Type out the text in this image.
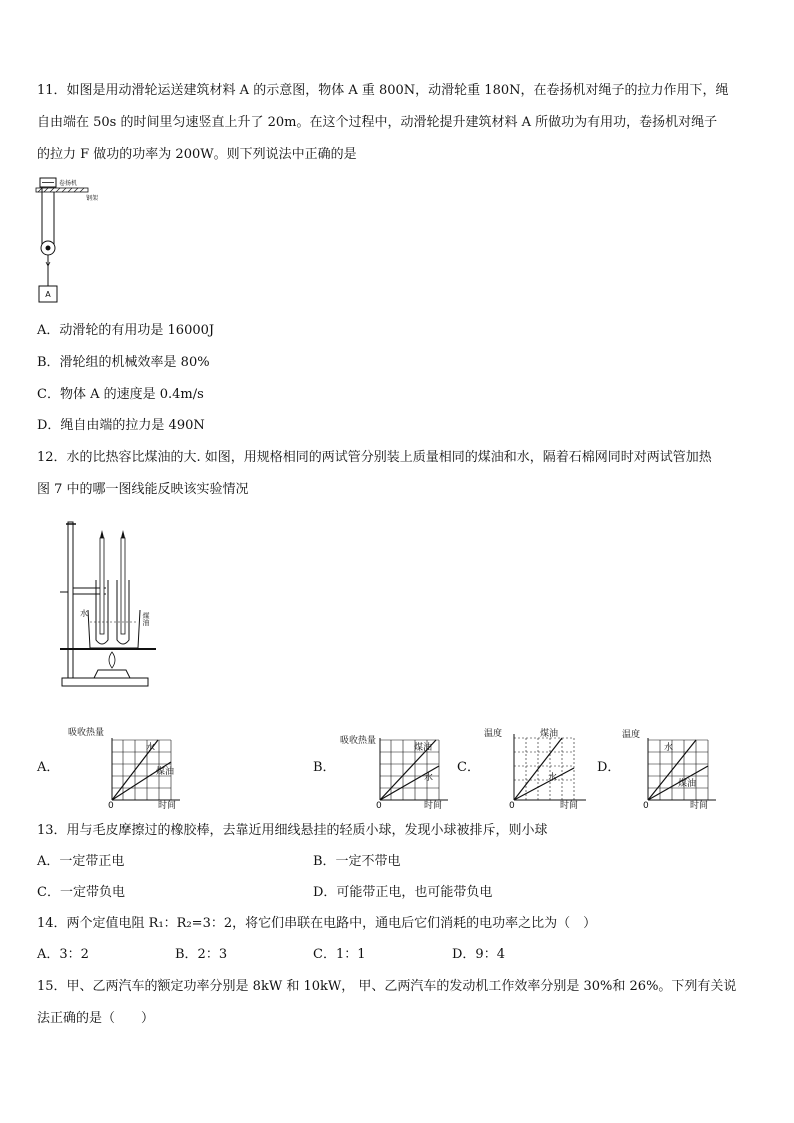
11．如图是用动滑轮运送建筑材料 A 的示意图，物体 A 重 800N，动滑轮重 180N，在卷扬机对绳子的拉力作用下，绳
自由端在 50s 的时间里匀速竖直上升了 20m。在这个过程中，动滑轮提升建筑材料 A 所做功为有用功，卷扬机对绳子
的拉力 F 做功的功率为 200W。则下列说法中正确的是
卷扬机
钢架
A
A．动滑轮的有用功是 16000J
B．滑轮组的机械效率是 80%
C．物体 A 的速度是 0.4m/s
D．绳自由端的拉力是 490N
12．水的比热容比煤油的大. 如图，用规格相同的两试管分别装上质量相同的煤油和水，隔着石棉网同时对两试管加热
图 7 中的哪一图线能反映该实验情况
水	煤油
A．
吸收热量
水
煤油
0	时间
B．
吸收热量
煤油
水
0	时间
C．
温度	煤油
水
0	时间
D．
温度
水
煤油
0	时间
13．用与毛皮摩擦过的橡胶棒，去靠近用细线悬挂的轻质小球，发现小球被排斥，则小球
A．一定带正电	B．一定不带电
C．一定带负电	D．可能带正电，也可能带负电
14．两个定值电阻 R₁：R₂=3：2，将它们串联在电路中，通电后它们消耗的电功率之比为（　）
A．3：2	B．2：3	C．1：1	D．9：4
15．甲、乙两汽车的额定功率分别是 8kW 和 10kW， 甲、乙两汽车的发动机工作效率分别是 30%和 26%。下列有关说
法正确的是（　　）
